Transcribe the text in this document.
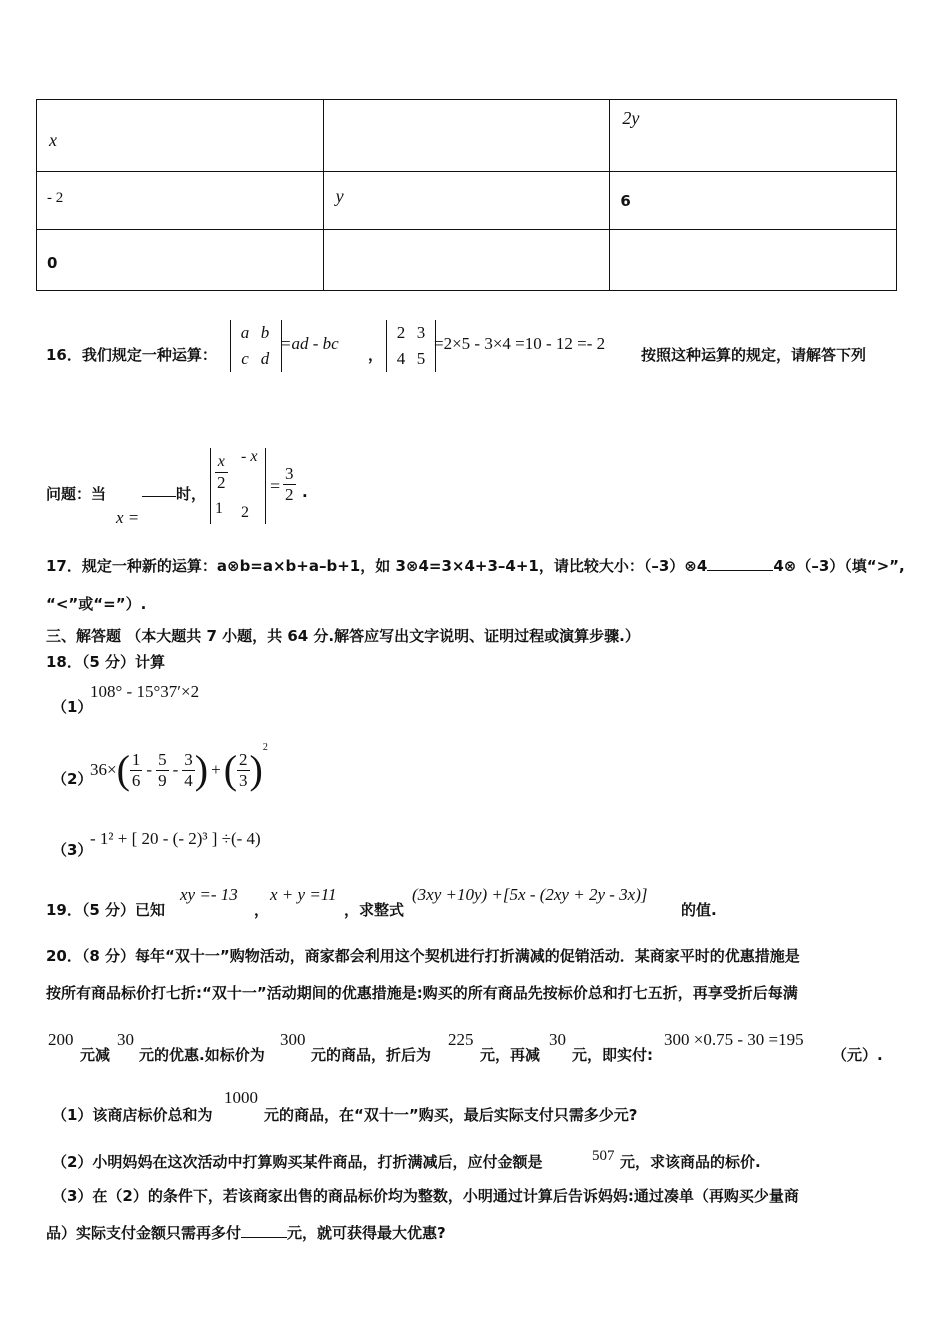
x		2y

- 2	y	6

0		

16．我们规定一种运算：
a b
c d
=ad - bc
，
2 3
4 5
=2×5 - 3×4 =10 - 12 =- 2
按照这种运算的规定，请解答下列
问题：当
x =
时，
$\frac{x}{2}$ - x
1 2
= $\frac{3}{2}$ .
17．规定一种新的运算：a⊗b=a×b+a–b+1，如 3⊗4=3×4+3–4+1，请比较大小：（–3）⊗4	4⊗（–3）（填“>”,
“<”或“=”）.
三、解答题 （本大题共 7 小题，共 64 分.解答应写出文字说明、证明过程或演算步骤.）
18．（5 分）计算
（1）
108° - 15°37′×2
（2）
36× ( $\frac{1}{6} - \frac{5}{9} - \frac{3}{4}$ ) + ( $\frac{2}{3}$ ) 2
（3）
- 1² + [ 20 - (- 2)³ ] ÷(- 4)
19．（5 分）已知
xy =- 13
，
x + y =11
，求整式
(3xy +10y) +[5x - (2xy + 2y - 3x)]
的值.
20．（8 分）每年“双十一”购物活动，商家都会利用这个契机进行打折满减的促销活动．某商家平时的优惠措施是
按所有商品标价打七折:“双十一”活动期间的优惠措施是:购买的所有商品先按标价总和打七五折，再享受折后每满
200
元减
30
元的优惠.如标价为
300
元的商品，折后为
225
元，再减
30
元，即实付:
300 ×0.75 - 30 =195
（元）.
（1）该商店标价总和为
1000
元的商品，在“双十一”购买，最后实际支付只需多少元?
（2）小明妈妈在这次活动中打算购买某件商品，打折满减后，应付金额是	507 元，求该商品的标价.
（3）在（2）的条件下，若该商家出售的商品标价均为整数，小明通过计算后告诉妈妈:通过凑单（再购买少量商
品）实际支付金额只需再多付	元，就可获得最大优惠?
